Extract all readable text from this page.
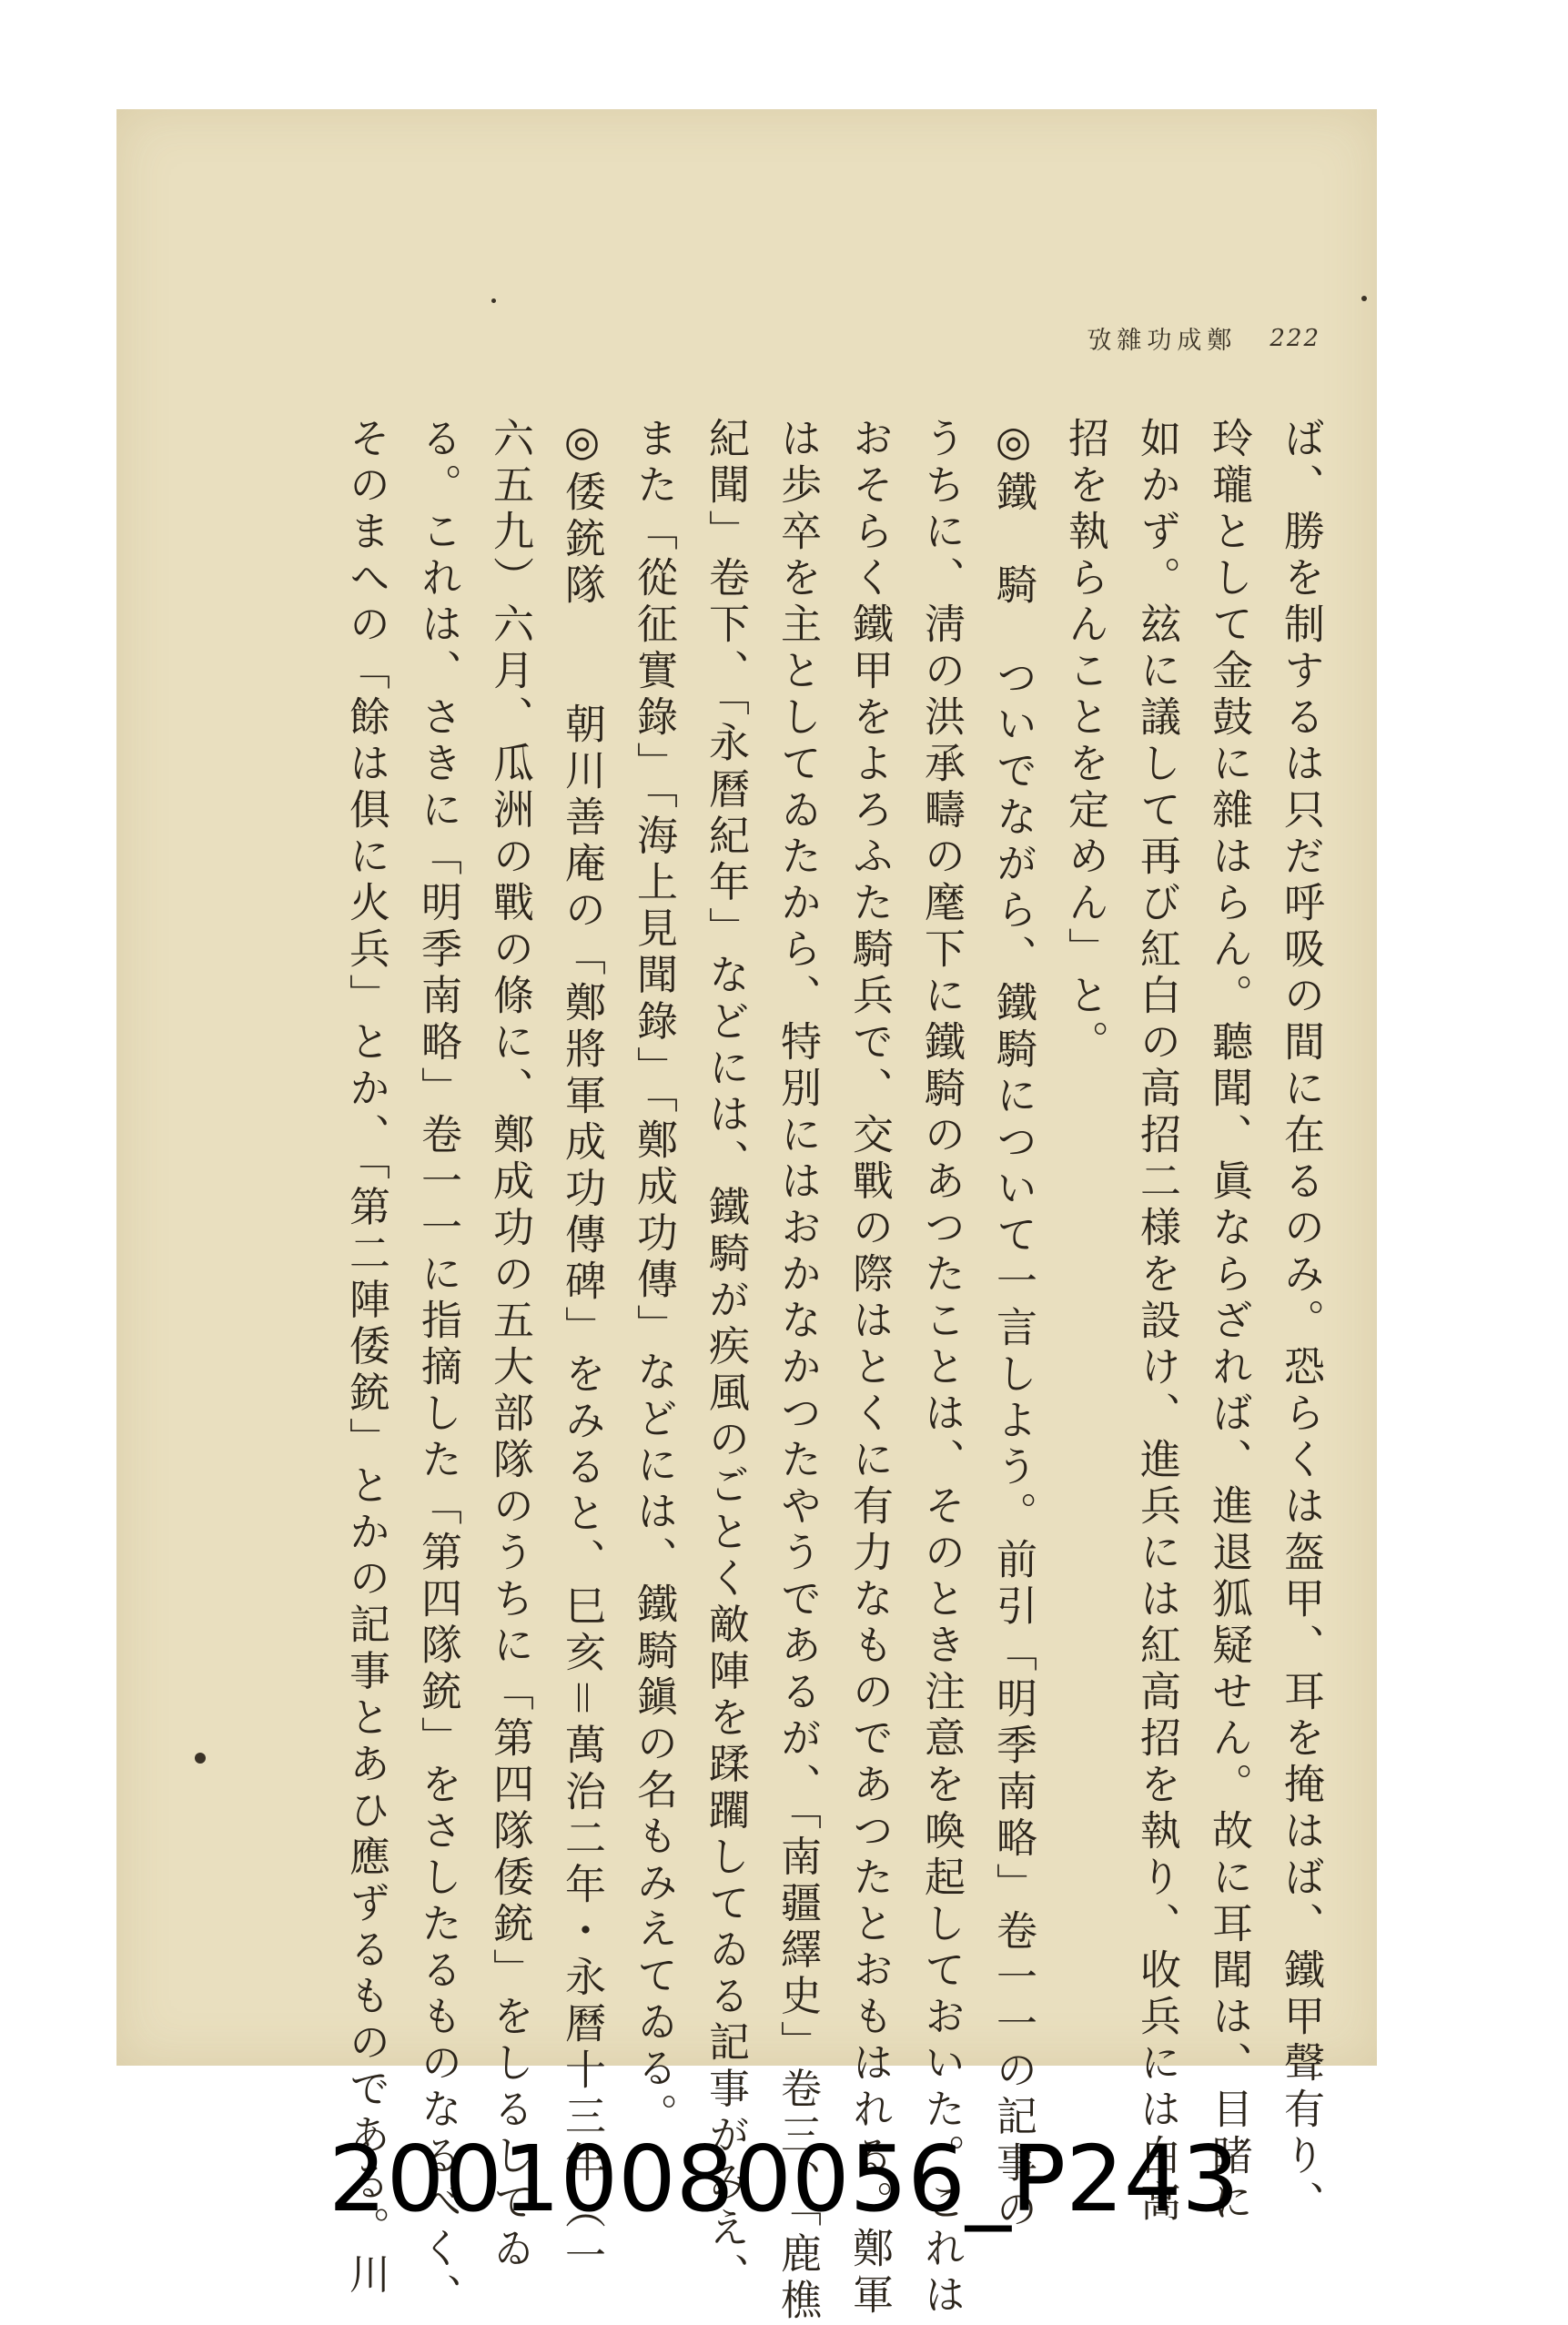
鄭成功雜攷 222
ば、勝を制するは只だ呼吸の間に在るのみ。恐らくは盔甲、耳を掩はば、鐵甲聲有り、
玲瓏として金鼓に雜はらん。聽聞、眞ならざれば、進退狐疑せん。故に耳聞は、目睹に
如かず。玆に議して再び紅白の高招二様を設け、進兵には紅高招を執り、收兵には白高
招を執らんことを定めん」と。
◎鐵　騎　ついでながら、鐵騎について一言しよう。前引「明季南略」卷一一の記事の
うちに、淸の洪承疇の麾下に鐵騎のあつたことは、そのとき注意を喚起しておいた。これは
おそらく鐵甲をよろふた騎兵で、交戰の際はとくに有力なものであつたとおもはれる。鄭軍
は歩卒を主としてゐたから、特別にはおかなかつたやうであるが、「南疆繹史」卷三、「鹿樵
紀聞」卷下、「永曆紀年」などには、鐵騎が疾風のごとく敵陣を蹂躙してゐる記事がみえ、
また「從征實錄」「海上見聞錄」「鄭成功傳」などには、鐵騎鎭の名もみえてゐる。
◎倭銃隊　　朝川善庵の「鄭將軍成功傳碑」をみると、巳亥＝萬治二年・永曆十三年（一
六五九）六月、瓜洲の戰の條に、鄭成功の五大部隊のうちに「第四隊倭銃」をしるしてゐ
る。これは、さきに「明季南略」卷一一に指摘した「第四隊銃」をさしたるものなるべく、
そのまへの「餘は俱に火兵」とか、「第二陣倭銃」とかの記事とあひ應ずるものである。川
20010080056_P243
